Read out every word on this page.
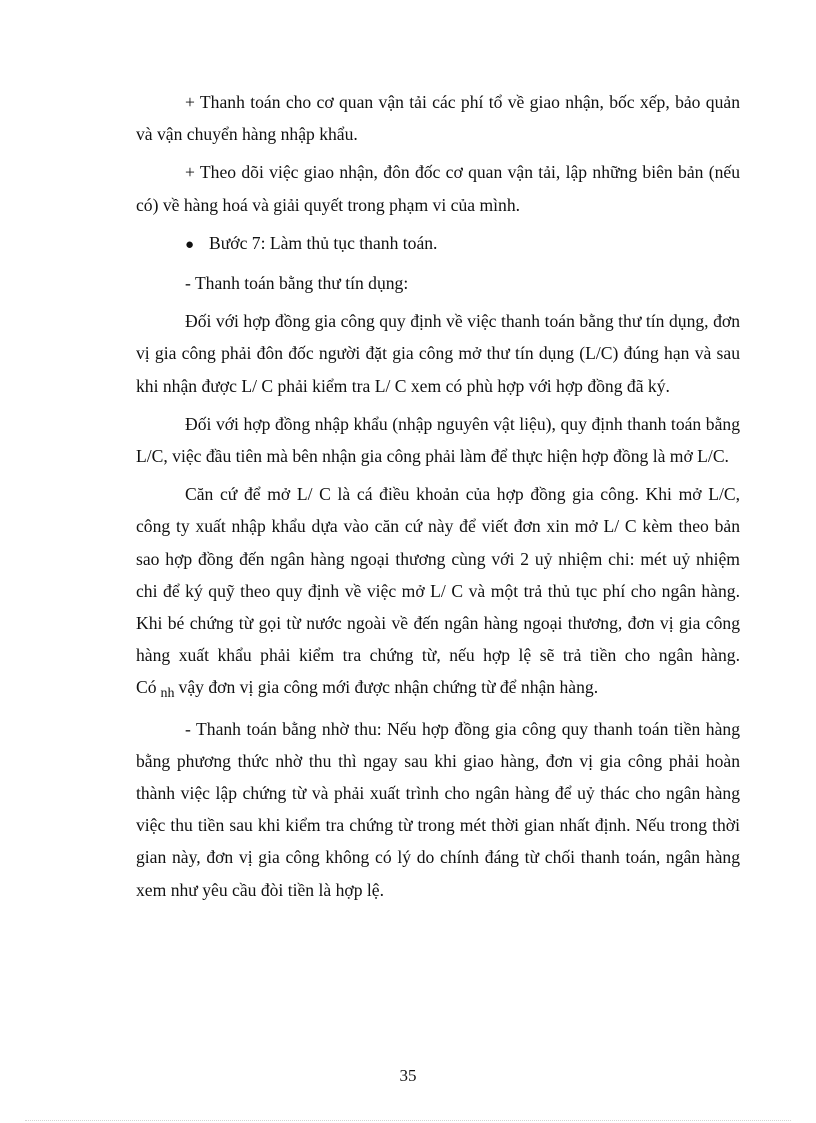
+ Thanh toán cho cơ quan vận tải các phí tổ về giao nhận, bốc xếp, bảo quản và vận chuyển hàng nhập khẩu.

+ Theo dõi việc giao nhận, đôn đốc cơ quan vận tải, lập những biên bản (nếu có) về hàng hoá và giải quyết trong phạm vi của mình.

● Bước 7: Làm thủ tục thanh toán.

- Thanh toán bằng thư tín dụng:

Đối với hợp đồng gia công quy định về việc thanh toán bằng thư tín dụng, đơn vị gia công phải đôn đốc người đặt gia công mở thư tín dụng (L/C) đúng hạn và sau khi nhận được L/ C phải kiểm tra L/ C xem có phù hợp với hợp đồng đã ký.

Đối với hợp đồng nhập khẩu (nhập nguyên vật liệu), quy định thanh toán bằng L/C, việc đầu tiên mà bên nhận gia công phải làm để thực hiện hợp đồng là mở L/C.

Căn cứ để mở L/ C là cá điều khoản của hợp đồng gia công. Khi mở L/C, công ty xuất nhập khẩu dựa vào căn cứ này để viết đơn xin mở L/ C kèm theo bản sao hợp đồng đến ngân hàng ngoại thương cùng với 2 uỷ nhiệm chi: mét uỷ nhiệm chi để ký quỹ theo quy định về việc mở L/ C và một trả thủ tục phí cho ngân hàng. Khi bé chứng từ gọi từ nước ngoài về đến ngân hàng ngoại thương, đơn vị gia công hàng xuất khẩu phải kiểm tra chứng từ, nếu hợp lệ sẽ trả tiền cho ngân hàng. Có $_{nh}$ vậy đơn vị gia công mới được nhận chứng từ để nhận hàng.

- Thanh toán bằng nhờ thu: Nếu hợp đồng gia công quy thanh toán tiền hàng bằng phương thức nhờ thu thì ngay sau khi giao hàng, đơn vị gia công phải hoàn thành việc lập chứng từ và phải xuất trình cho ngân hàng để uỷ thác cho ngân hàng việc thu tiền sau khi kiểm tra chứng từ trong mét thời gian nhất định. Nếu trong thời gian này, đơn vị gia công không có lý do chính đáng từ chối thanh toán, ngân hàng xem như yêu cầu đòi tiền là hợp lệ.

35
